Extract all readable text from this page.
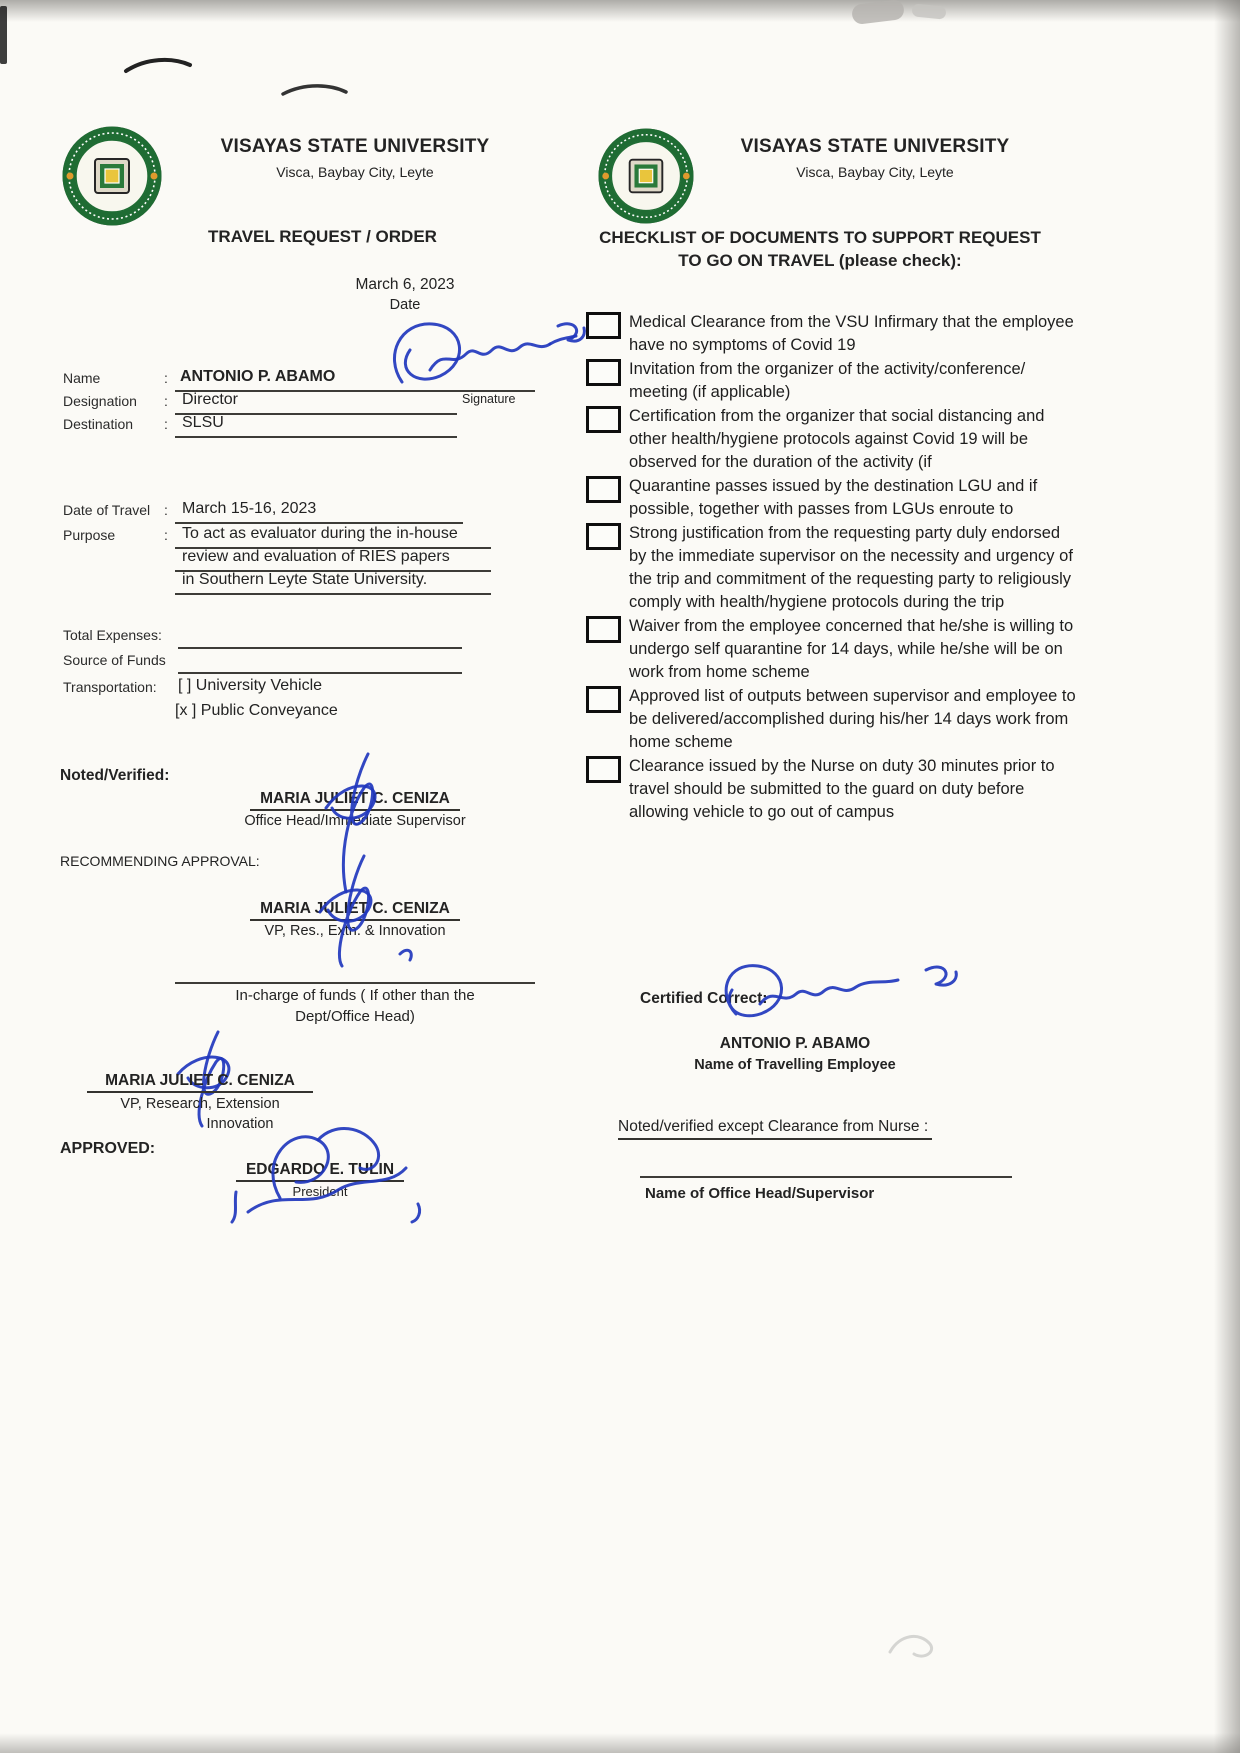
VISAYAS STATE UNIVERSITY
Visca, Baybay City, Leyte
TRAVEL REQUEST / ORDER
March 6, 2023
Date
Name	: ANTONIO P. ABAMO
Signature
Designation : Director
Destination : SLSU
Date of Travel : March 15-16, 2023
Purpose	: To act as evaluator during the in-house
review and evaluation of RIES papers
in Southern Leyte State University.
Total Expenses:
Source of Funds
Transportation: [ ] University Vehicle
[x ] Public Conveyance
Noted/Verified:
MARIA JULIET C. CENIZA
Office Head/Immediate Supervisor
RECOMMENDING APPROVAL:
MARIA JULIET C. CENIZA
VP, Res., Extn. & Innovation
In-charge of funds ( If other than the
Dept/Office Head)
MARIA JULIET C. CENIZA
VP, Research, Extension
Innovation
APPROVED:
EDGARDO E. TULIN
President
VISAYAS STATE UNIVERSITY
Visca, Baybay City, Leyte
CHECKLIST OF DOCUMENTS TO SUPPORT REQUEST
TO GO ON TRAVEL (please check):
Medical Clearance from the VSU Infirmary that the employee have no symptoms of Covid 19
Invitation from the organizer of the activity/conference/ meeting (if applicable)
Certification from the organizer that social distancing and other health/hygiene protocols against Covid 19 will be observed for the duration of the activity (if
Quarantine passes issued by the destination LGU and if possible, together with passes from LGUs enroute to
Strong justification from the requesting party duly endorsed by the immediate supervisor on the necessity and urgency of the trip and commitment of the requesting party to religiously comply with health/hygiene protocols during the trip
Waiver from the employee concerned that he/she is willing to undergo self quarantine for 14 days, while he/she will be on work from home scheme
Approved list of outputs between supervisor and employee to be delivered/accomplished during his/her 14 days work from home scheme
Clearance issued by the Nurse on duty 30 minutes prior to travel should be submitted to the guard on duty before allowing vehicle to go out of campus
Certified Correct:
ANTONIO P. ABAMO
Name of Travelling Employee
Noted/verified except Clearance from Nurse :
Name of Office Head/Supervisor
